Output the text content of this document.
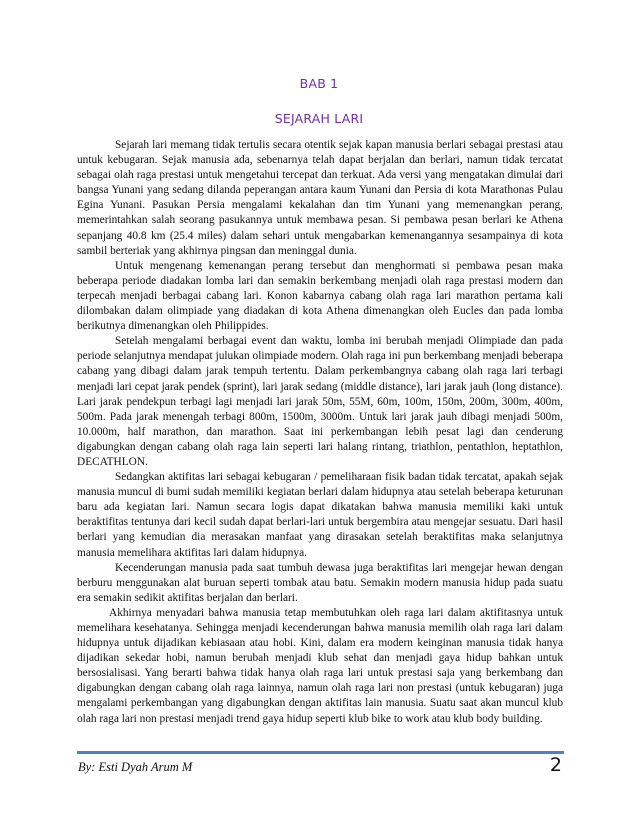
BAB 1
SEJARAH LARI

Sejarah lari memang tidak tertulis secara otentik sejak kapan manusia berlari sebagai prestasi atau untuk kebugaran. Sejak manusia ada, sebenarnya telah dapat berjalan dan berlari, namun tidak tercatat sebagai olah raga prestasi untuk mengetahui tercepat dan terkuat. Ada versi yang mengatakan dimulai dari bangsa Yunani yang sedang dilanda peperangan antara kaum Yunani dan Persia di kota Marathonas Pulau Egina Yunani. Pasukan Persia mengalami kekalahan dan tim Yunani yang memenangkan perang, memerintahkan salah seorang pasukannya untuk membawa pesan. Si pembawa pesan berlari ke Athena sepanjang 40.8 km (25.4 miles) dalam sehari untuk mengabarkan kemenangannya sesampainya di kota sambil berteriak yang akhirnya pingsan dan meninggal dunia.

Untuk mengenang kemenangan perang tersebut dan menghormati si pembawa pesan maka beberapa periode diadakan lomba lari dan semakin berkembang menjadi olah raga prestasi modern dan terpecah menjadi berbagai cabang lari. Konon kabarnya cabang olah raga lari marathon pertama kali dilombakan dalam olimpiade yang diadakan di kota Athena dimenangkan oleh Eucles dan pada lomba berikutnya dimenangkan oleh Philippides.

Setelah mengalami berbagai event dan waktu, lomba ini berubah menjadi Olimpiade dan pada periode selanjutnya mendapat julukan olimpiade modern. Olah raga ini pun berkembang menjadi beberapa cabang yang dibagi dalam jarak tempuh tertentu. Dalam perkembangnya cabang olah raga lari terbagi menjadi lari cepat jarak pendek (sprint), lari jarak sedang (middle distance), lari jarak jauh (long distance). Lari jarak pendekpun terbagi lagi menjadi lari jarak 50m, 55M, 60m, 100m, 150m, 200m, 300m, 400m, 500m. Pada jarak menengah terbagi 800m, 1500m, 3000m. Untuk lari jarak jauh dibagi menjadi 500m, 10.000m, half marathon, dan marathon. Saat ini perkembangan lebih pesat lagi dan cenderung digabungkan dengan cabang olah raga lain seperti lari halang rintang, triathlon, pentathlon, heptathlon, DECATHLON.

Sedangkan aktifitas lari sebagai kebugaran / pemeliharaan fisik badan tidak tercatat, apakah sejak manusia muncul di bumi sudah memiliki kegiatan berlari dalam hidupnya atau setelah beberapa keturunan baru ada kegiatan lari. Namun secara logis dapat dikatakan bahwa manusia memiliki kaki untuk beraktifitas tentunya dari kecil sudah dapat berlari-lari untuk bergembira atau mengejar sesuatu. Dari hasil berlari yang kemudian dia merasakan manfaat yang dirasakan setelah beraktifitas maka selanjutnya manusia memelihara aktifitas lari dalam hidupnya.

Kecenderungan manusia pada saat tumbuh dewasa juga beraktifitas lari mengejar hewan dengan berburu menggunakan alat buruan seperti tombak atau batu. Semakin modern manusia hidup pada suatu era semakin sedikit aktifitas berjalan dan berlari.

Akhirnya menyadari bahwa manusia tetap membutuhkan oleh raga lari dalam aktifitasnya untuk memelihara kesehatanya. Sehingga menjadi kecenderungan bahwa manusia memilih olah raga lari dalam hidupnya untuk dijadikan kebiasaan atau hobi. Kini, dalam era modern keinginan manusia tidak hanya dijadikan sekedar hobi, namun berubah menjadi klub sehat dan menjadi gaya hidup bahkan untuk bersosialisasi. Yang berarti bahwa tidak hanya olah raga lari untuk prestasi saja yang berkembang dan digabungkan dengan cabang olah raga lainnya, namun olah raga lari non prestasi (untuk kebugaran) juga mengalami perkembangan yang digabungkan dengan aktifitas lain manusia. Suatu saat akan muncul klub olah raga lari non prestasi menjadi trend gaya hidup seperti klub bike to work atau klub body building.

By: Esti Dyah Arum M	2
